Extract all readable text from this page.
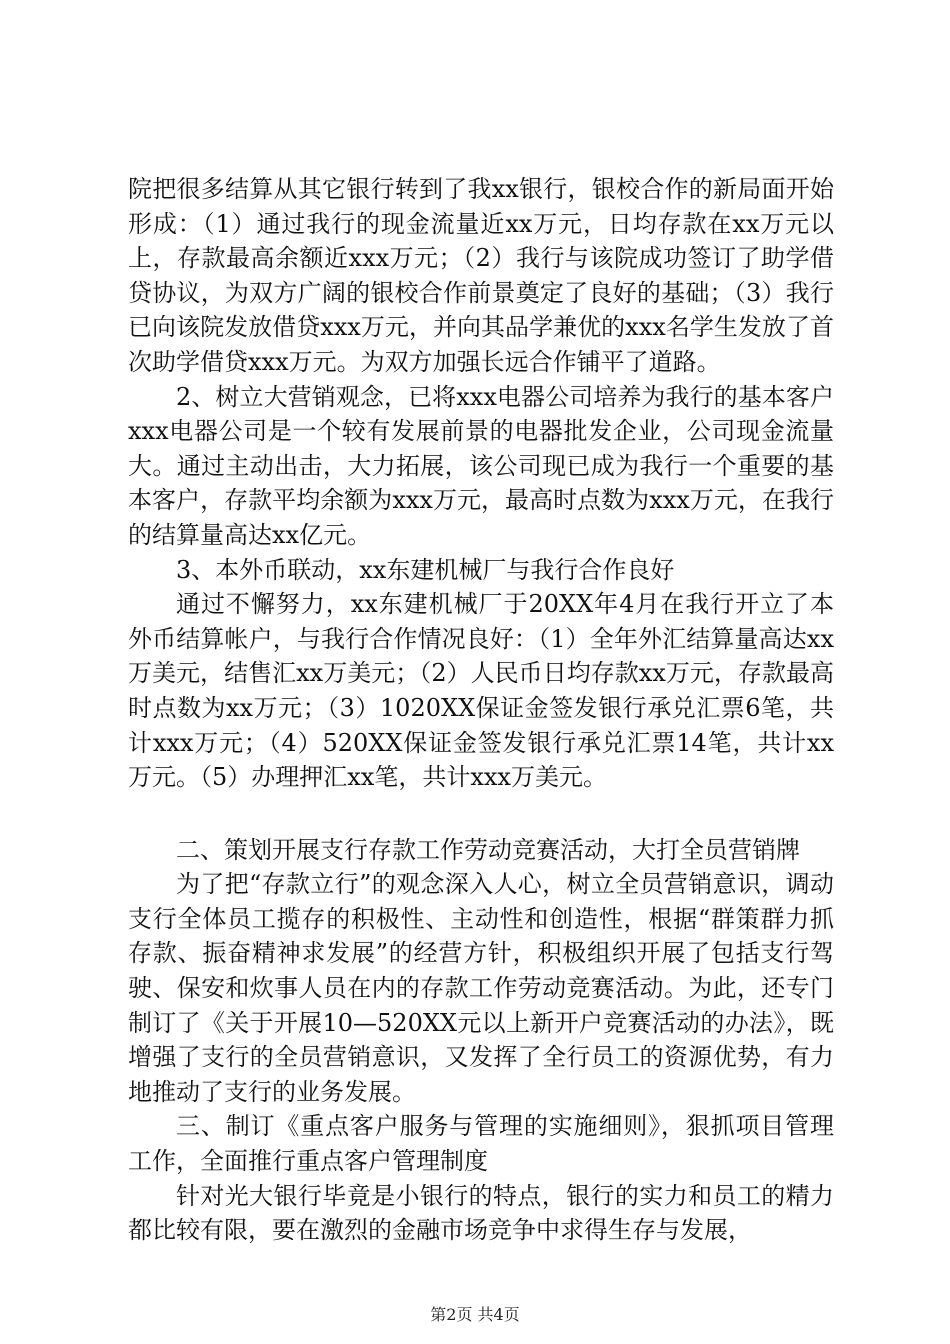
院把很多结算从其它银行转到了我xx银行，银校合作的新局面开始形成：（1）通过我行的现金流量近xx万元，日均存款在xx万元以上，存款最高余额近xxx万元；（2）我行与该院成功签订了助学借贷协议，为双方广阔的银校合作前景奠定了良好的基础；（3）我行已向该院发放借贷xxx万元，并向其品学兼优的xxx名学生发放了首次助学借贷xxx万元。为双方加强长远合作铺平了道路。

2、树立大营销观念，已将xxx电器公司培养为我行的基本客户xxx电器公司是一个较有发展前景的电器批发企业，公司现金流量大。通过主动出击，大力拓展，该公司现已成为我行一个重要的基本客户，存款平均余额为xxx万元，最高时点数为xxx万元，在我行的结算量高达xx亿元。

3、本外币联动，xx东建机械厂与我行合作良好

通过不懈努力，xx东建机械厂于20XX年4月在我行开立了本外币结算帐户，与我行合作情况良好：（1）全年外汇结算量高达xx万美元，结售汇xx万美元；（2）人民币日均存款xx万元，存款最高时点数为xx万元；（3）1020XX保证金签发银行承兑汇票6笔，共计xxx万元；（4）520XX保证金签发银行承兑汇票14笔，共计xx万元。（5）办理押汇xx笔，共计xxx万美元。

二、策划开展支行存款工作劳动竞赛活动，大打全员营销牌

为了把“存款立行”的观念深入人心，树立全员营销意识，调动支行全体员工揽存的积极性、主动性和创造性，根据“群策群力抓存款、振奋精神求发展”的经营方针，积极组织开展了包括支行驾驶、保安和炊事人员在内的存款工作劳动竞赛活动。为此，还专门制订了《关于开展10—520XX元以上新开户竞赛活动的办法》，既增强了支行的全员营销意识，又发挥了全行员工的资源优势，有力地推动了支行的业务发展。

三、制订《重点客户服务与管理的实施细则》，狠抓项目管理工作，全面推行重点客户管理制度

针对光大银行毕竟是小银行的特点，银行的实力和员工的精力都比较有限，要在激烈的金融市场竞争中求得生存与发展，

第2页 共4页
